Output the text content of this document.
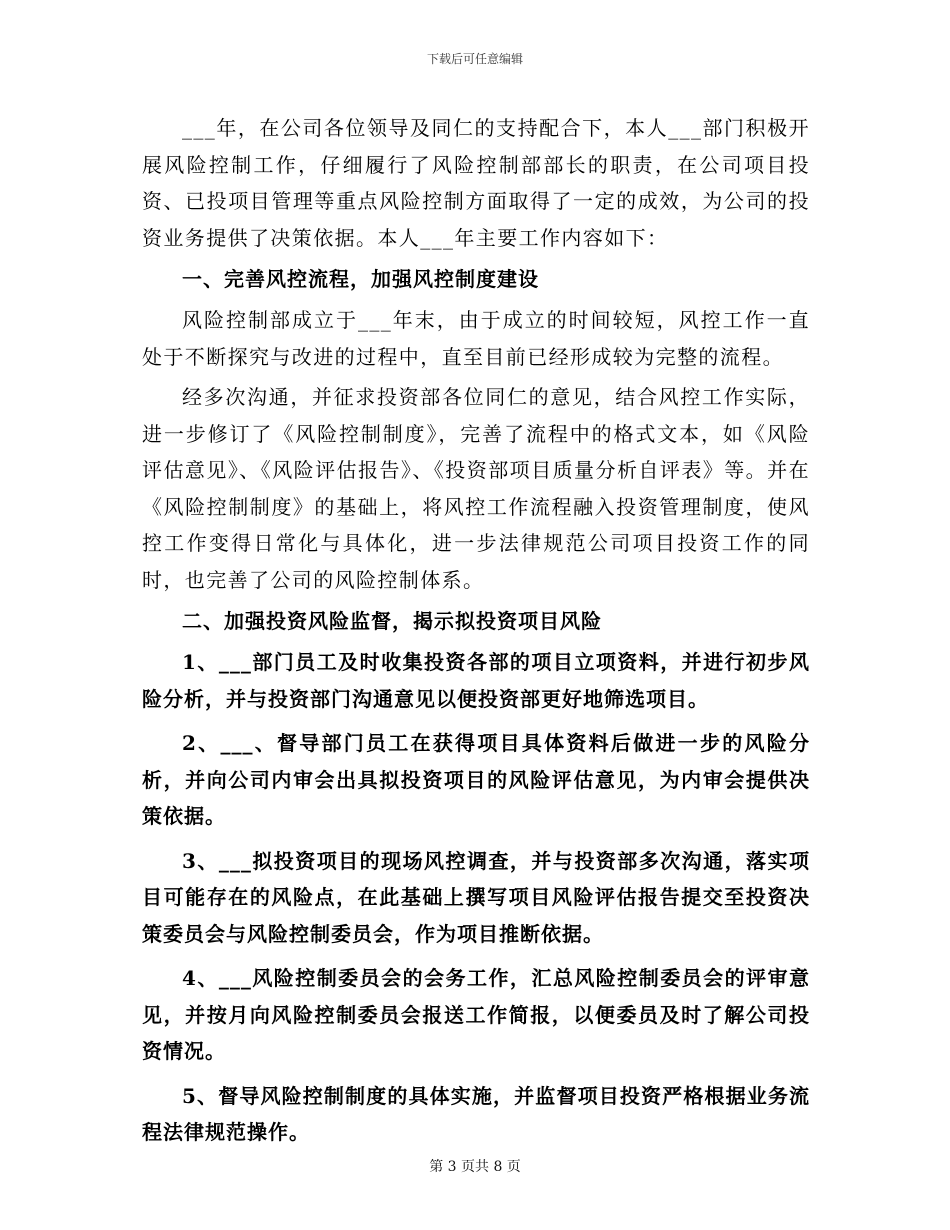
下载后可任意编辑

___年，在公司各位领导及同仁的支持配合下，本人___部门积极开展风险控制工作，仔细履行了风险控制部部长的职责，在公司项目投资、已投项目管理等重点风险控制方面取得了一定的成效，为公司的投资业务提供了决策依据。本人___年主要工作内容如下：

一、完善风控流程，加强风控制度建设

风险控制部成立于___年末，由于成立的时间较短，风控工作一直处于不断探究与改进的过程中，直至目前已经形成较为完整的流程。

经多次沟通，并征求投资部各位同仁的意见，结合风控工作实际，进一步修订了《风险控制制度》，完善了流程中的格式文本，如《风险评估意见》、《风险评估报告》、《投资部项目质量分析自评表》等。并在《风险控制制度》的基础上，将风控工作流程融入投资管理制度，使风控工作变得日常化与具体化，进一步法律规范公司项目投资工作的同时，也完善了公司的风险控制体系。

二、加强投资风险监督，揭示拟投资项目风险

1、___部门员工及时收集投资各部的项目立项资料，并进行初步风险分析，并与投资部门沟通意见以便投资部更好地筛选项目。

2、___、督导部门员工在获得项目具体资料后做进一步的风险分析，并向公司内审会出具拟投资项目的风险评估意见，为内审会提供决策依据。

3、___拟投资项目的现场风控调查，并与投资部多次沟通，落实项目可能存在的风险点，在此基础上撰写项目风险评估报告提交至投资决策委员会与风险控制委员会，作为项目推断依据。

4、___风险控制委员会的会务工作，汇总风险控制委员会的评审意见，并按月向风险控制委员会报送工作简报，以便委员及时了解公司投资情况。

5、督导风险控制制度的具体实施，并监督项目投资严格根据业务流程法律规范操作。

第 3 页共 8 页
